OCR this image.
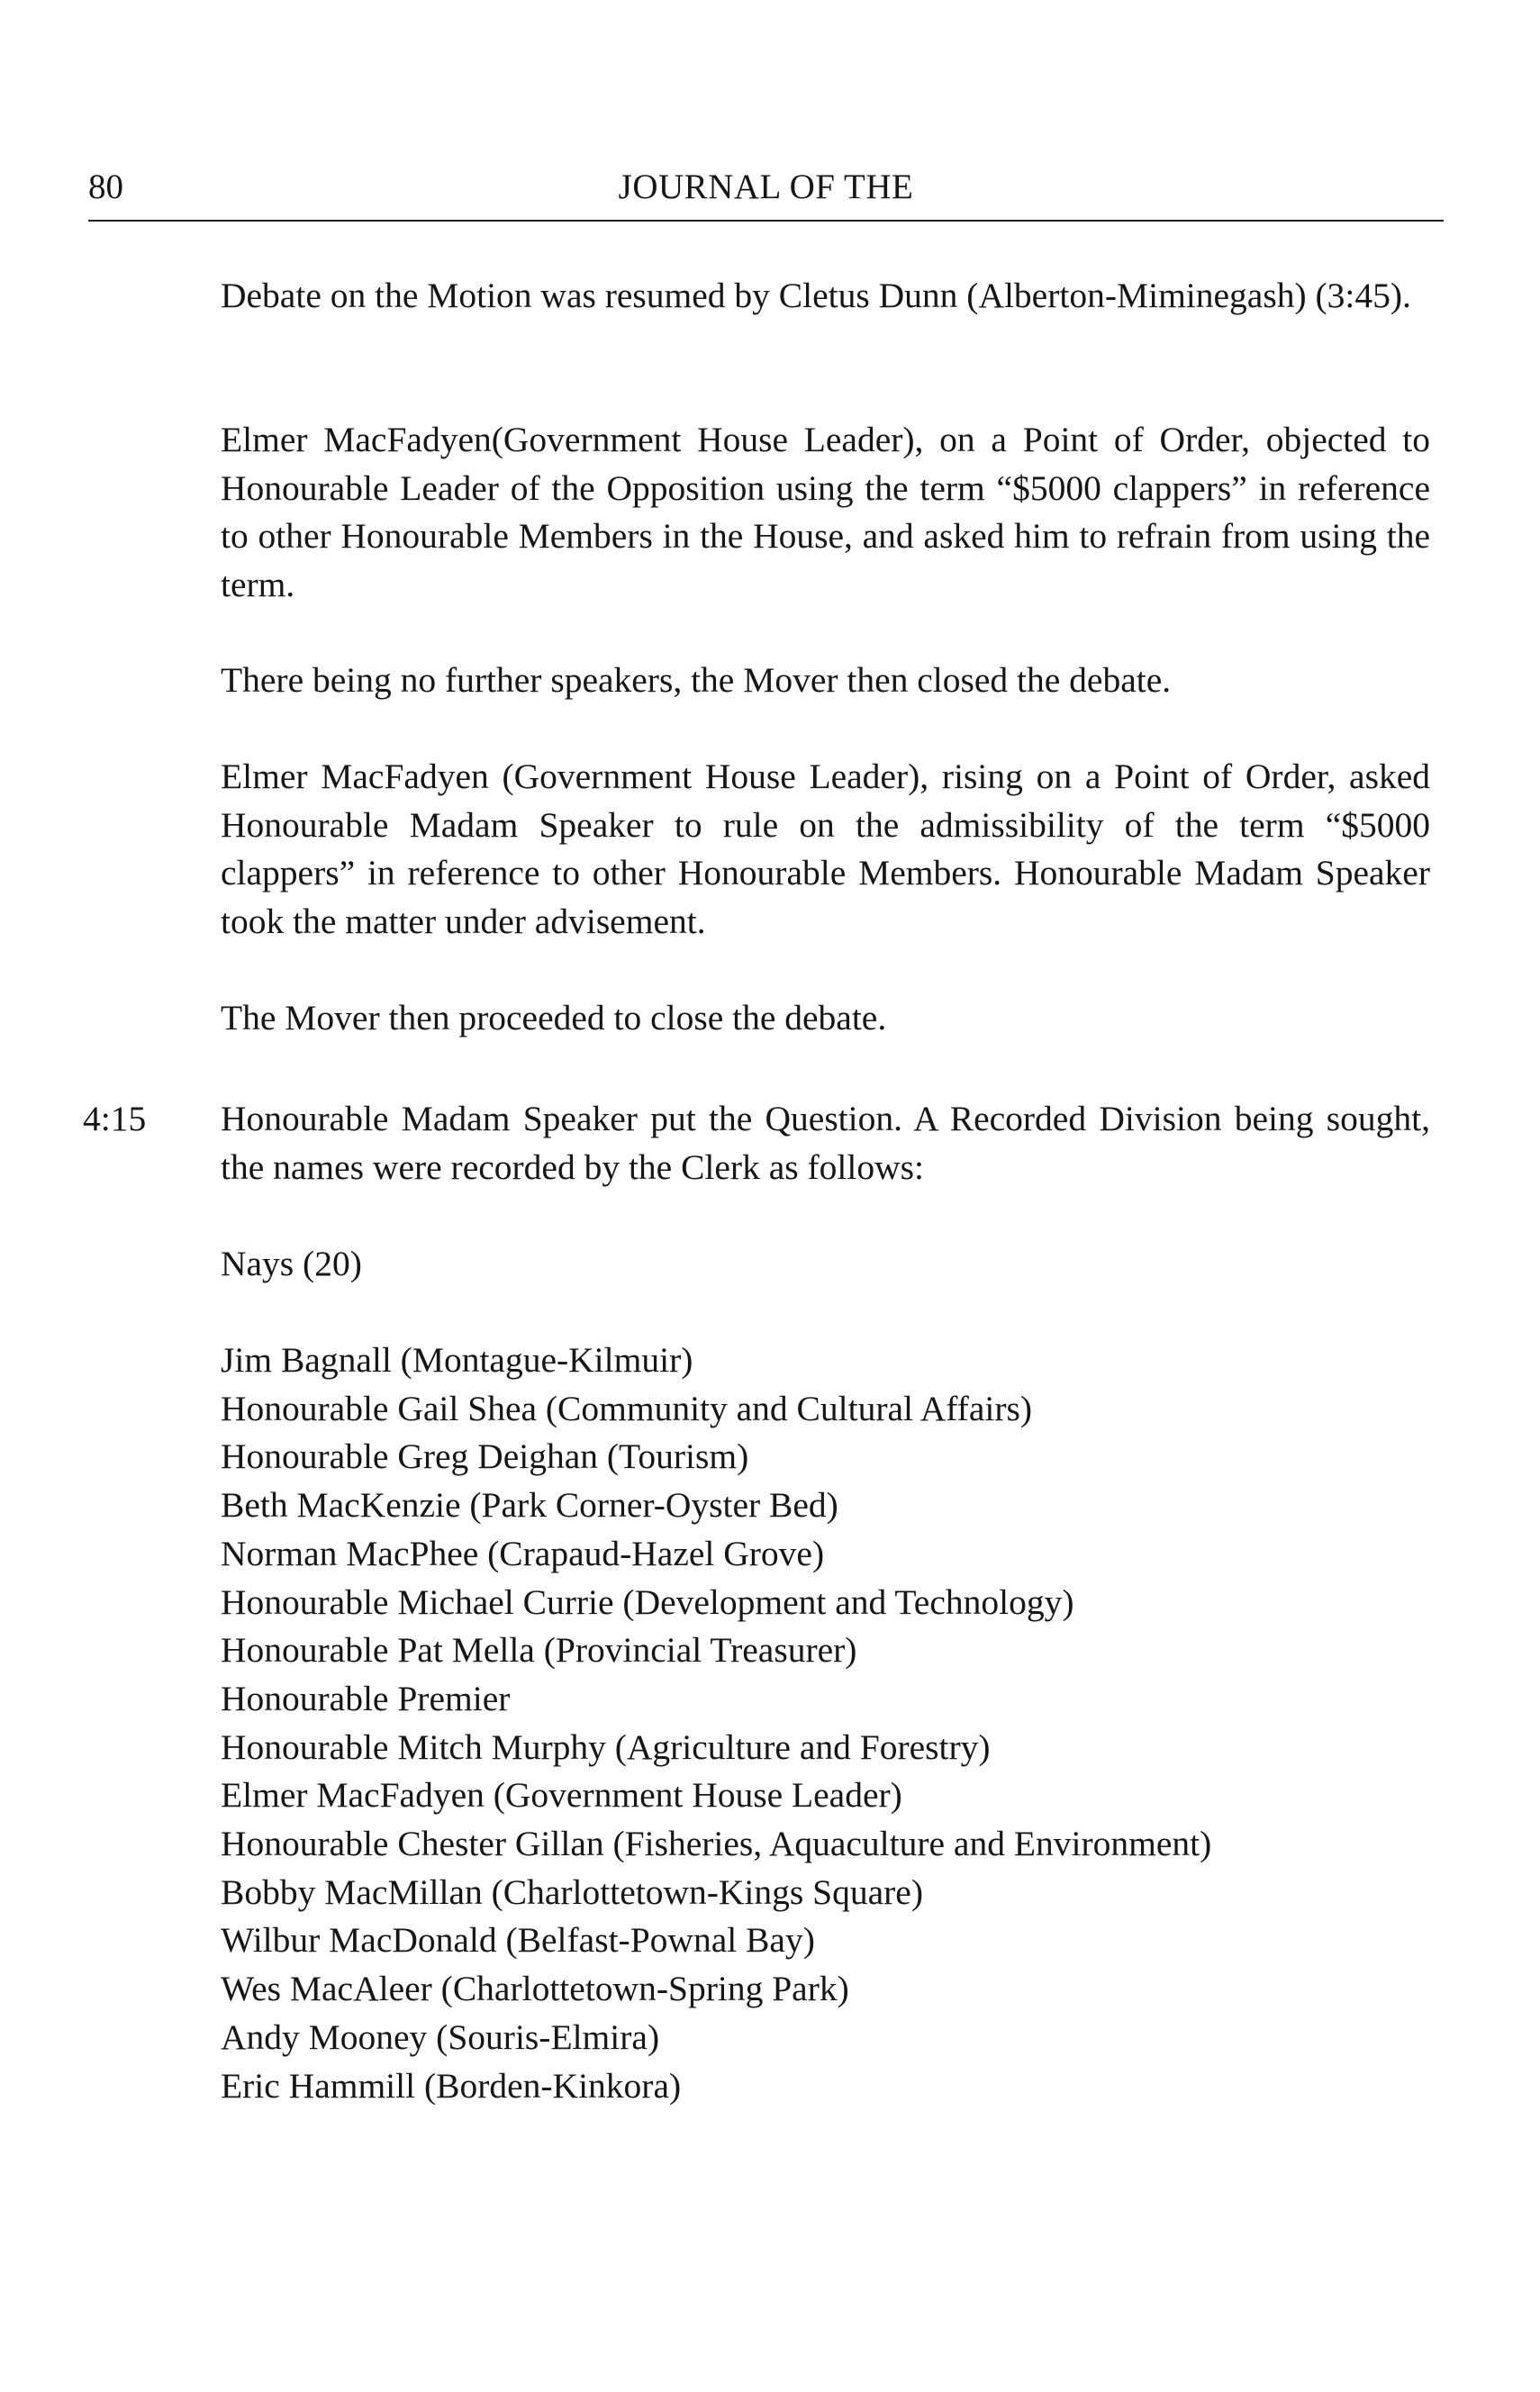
80	JOURNAL OF THE

Debate on the Motion was resumed by Cletus Dunn (Alberton-Miminegash) (3:45).

Elmer MacFadyen(Government House Leader), on a Point of Order, objected to Honourable Leader of the Opposition using the term “$5000 clappers” in reference to other Honourable Members in the House, and asked him to refrain from using the term.

There being no further speakers, the Mover then closed the debate.

Elmer MacFadyen (Government House Leader), rising on a Point of Order, asked Honourable Madam Speaker to rule on the admissibility of the term “$5000 clappers” in reference to other Honourable Members. Honourable Madam Speaker took the matter under advisement.

The Mover then proceeded to close the debate.

4:15 Honourable Madam Speaker put the Question. A Recorded Division being sought, the names were recorded by the Clerk as follows:

Nays (20)
Jim Bagnall (Montague-Kilmuir)
Honourable Gail Shea (Community and Cultural Affairs)
Honourable Greg Deighan (Tourism)
Beth MacKenzie (Park Corner-Oyster Bed)
Norman MacPhee (Crapaud-Hazel Grove)
Honourable Michael Currie (Development and Technology)
Honourable Pat Mella (Provincial Treasurer)
Honourable Premier
Honourable Mitch Murphy (Agriculture and Forestry)
Elmer MacFadyen (Government House Leader)
Honourable Chester Gillan (Fisheries, Aquaculture and Environment)
Bobby MacMillan (Charlottetown-Kings Square)
Wilbur MacDonald (Belfast-Pownal Bay)
Wes MacAleer (Charlottetown-Spring Park)
Andy Mooney (Souris-Elmira)
Eric Hammill (Borden-Kinkora)
